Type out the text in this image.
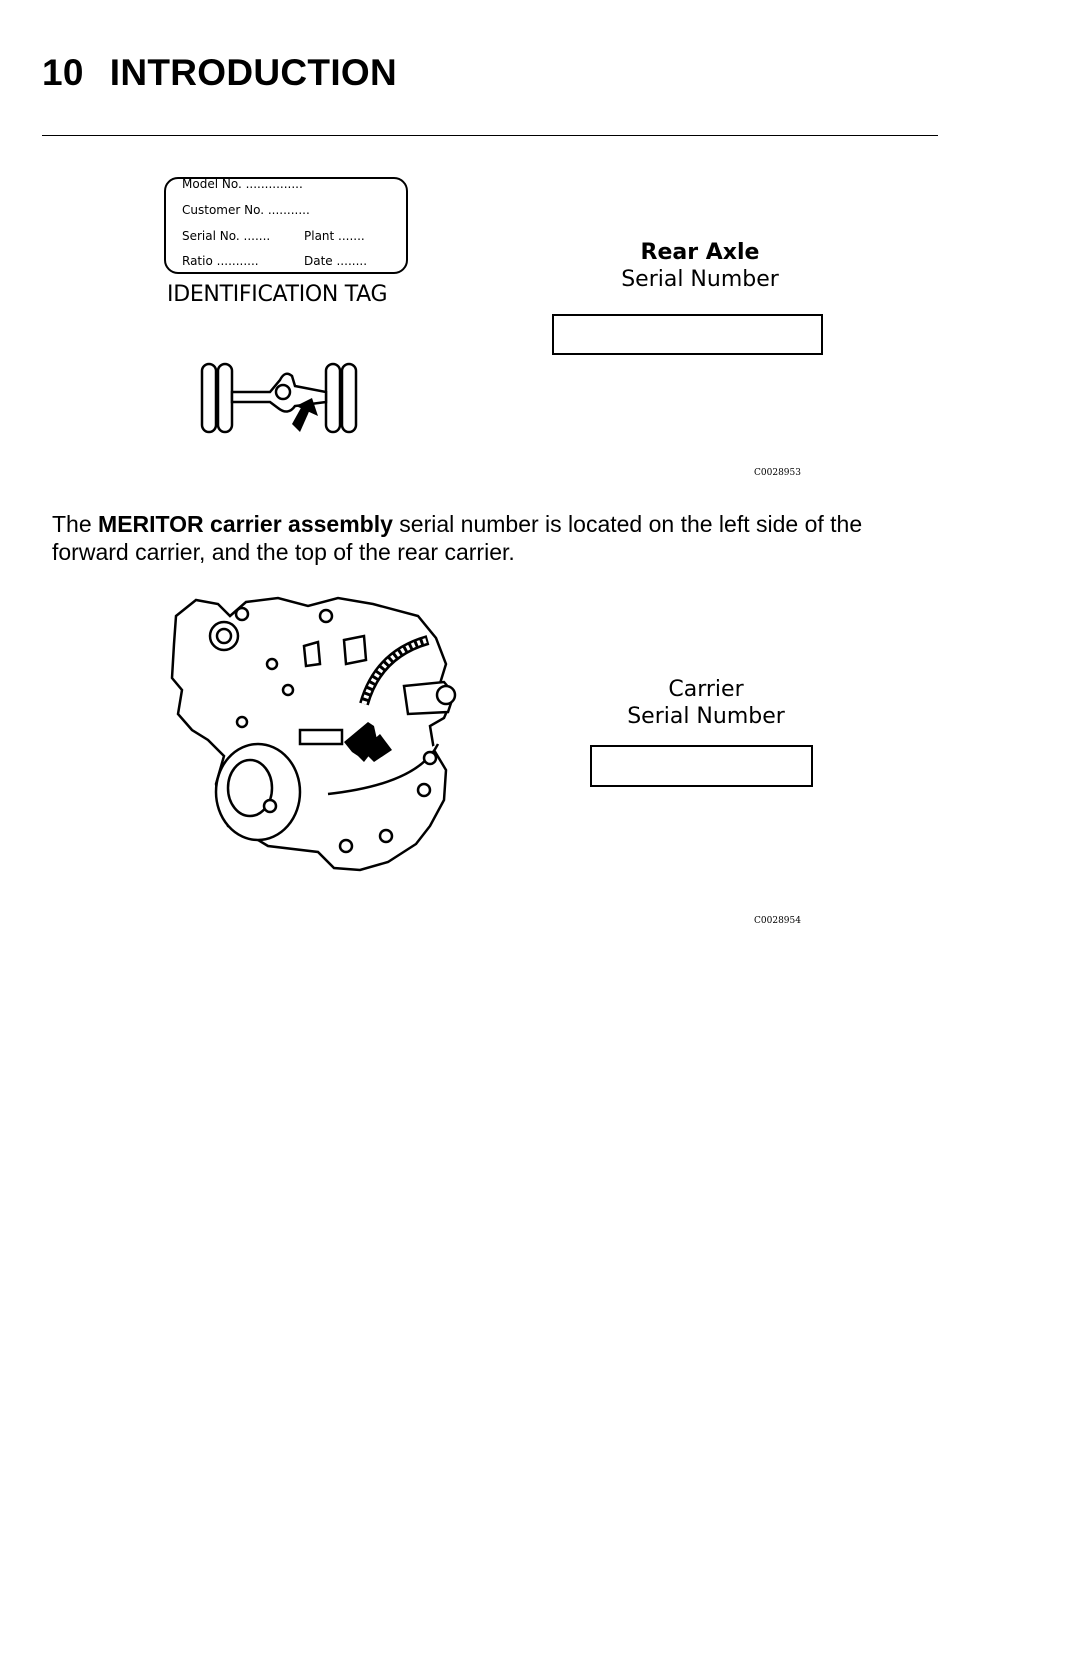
10 INTRODUCTION
Model No. ...............
Customer No. ...........
Serial No. .......	Plant .......
Ratio ...........	Date ........
IDENTIFICATION TAG
Rear Axle
Serial Number
C0028953

The MERITOR carrier assembly serial number is located on the left side of the forward carrier, and the top of the rear carrier.

Carrier
Serial Number
C0028954
